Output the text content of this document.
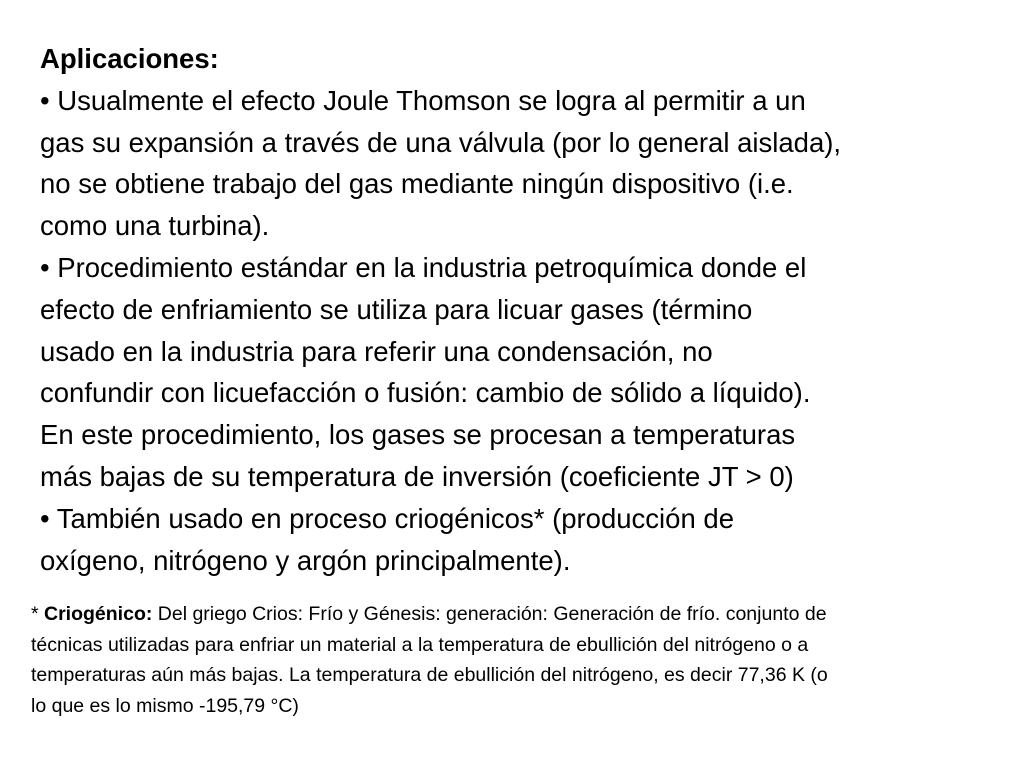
Aplicaciones:
• Usualmente el efecto Joule Thomson se logra al permitir a un
gas su expansión a través de una válvula (por lo general aislada),
no se obtiene trabajo del gas mediante ningún dispositivo (i.e.
como una turbina).
• Procedimiento estándar en la industria petroquímica donde el
efecto de enfriamiento se utiliza para licuar gases (término
usado en la industria para referir una condensación, no
confundir con licuefacción o fusión: cambio de sólido a líquido).
En este procedimiento, los gases se procesan a temperaturas
más bajas de su temperatura de inversión (coeficiente JT > 0)
• También usado en proceso criogénicos* (producción de
oxígeno, nitrógeno y argón principalmente).
* Criogénico: Del griego Crios: Frío y Génesis: generación: Generación de frío. conjunto de
técnicas utilizadas para enfriar un material a la temperatura de ebullición del nitrógeno o a
temperaturas aún más bajas. La temperatura de ebullición del nitrógeno, es decir 77,36 K (o
lo que es lo mismo -195,79 °C)
